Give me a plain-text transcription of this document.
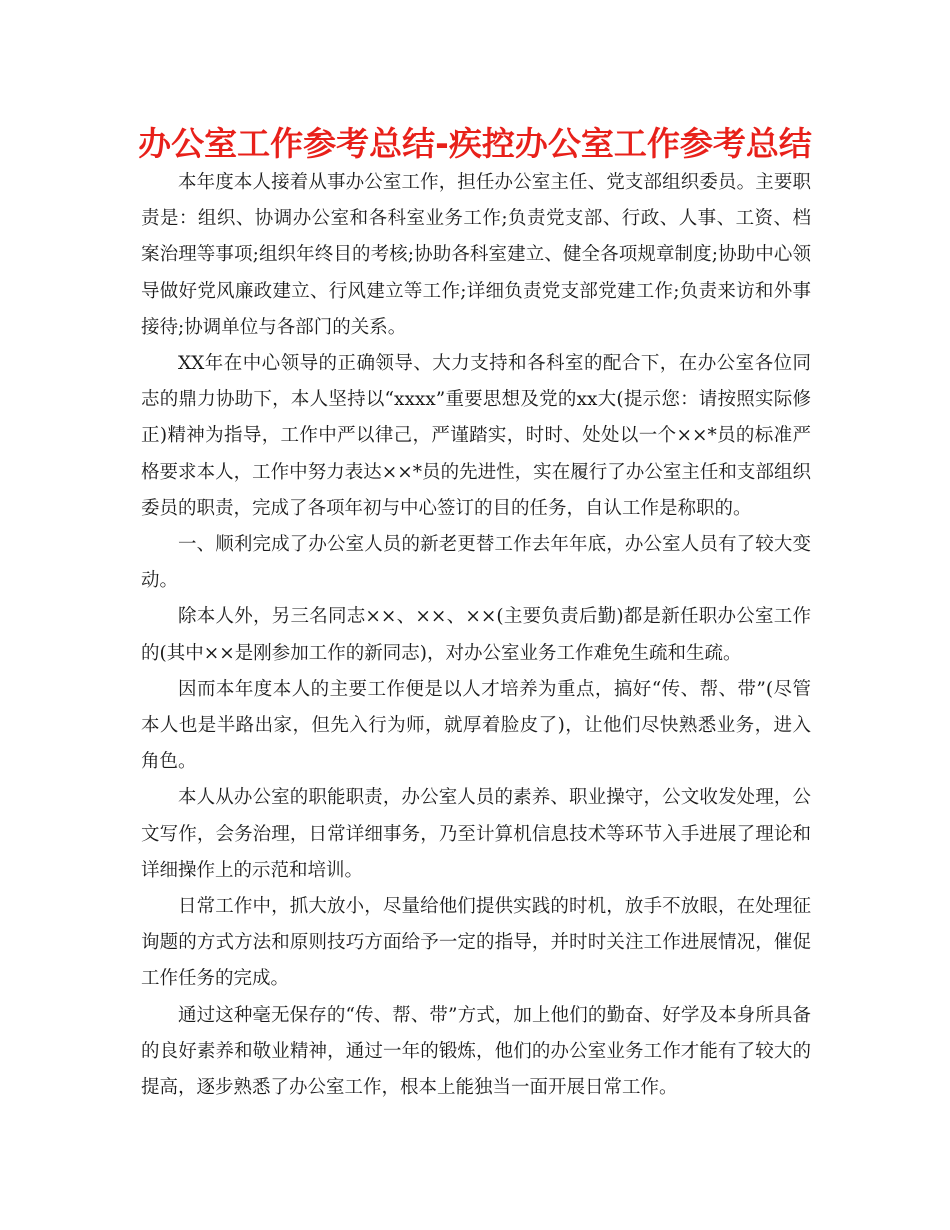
办公室工作参考总结-疾控办公室工作参考总结

本年度本人接着从事办公室工作，担任办公室主任、党支部组织委员。主要职责是：组织、协调办公室和各科室业务工作;负责党支部、行政、人事、工资、档案治理等事项;组织年终目的考核;协助各科室建立、健全各项规章制度;协助中心领导做好党风廉政建立、行风建立等工作;详细负责党支部党建工作;负责来访和外事接待;协调单位与各部门的关系。

XX年在中心领导的正确领导、大力支持和各科室的配合下，在办公室各位同志的鼎力协助下，本人坚持以“xxxx”重要思想及党的xx大(提示您：请按照实际修正)精神为指导，工作中严以律己，严谨踏实，时时、处处以一个××*员的标准严格要求本人，工作中努力表达××*员的先进性，实在履行了办公室主任和支部组织委员的职责，完成了各项年初与中心签订的目的任务，自认工作是称职的。

一、顺利完成了办公室人员的新老更替工作去年年底，办公室人员有了较大变动。

除本人外，另三名同志××、××、××(主要负责后勤)都是新任职办公室工作的(其中××是刚参加工作的新同志)，对办公室业务工作难免生疏和生疏。

因而本年度本人的主要工作便是以人才培养为重点，搞好“传、帮、带”(尽管本人也是半路出家，但先入行为师，就厚着脸皮了)，让他们尽快熟悉业务，进入角色。

本人从办公室的职能职责，办公室人员的素养、职业操守，公文收发处理，公文写作，会务治理，日常详细事务，乃至计算机信息技术等环节入手进展了理论和详细操作上的示范和培训。

日常工作中，抓大放小，尽量给他们提供实践的时机，放手不放眼，在处理征询题的方式方法和原则技巧方面给予一定的指导，并时时关注工作进展情况，催促工作任务的完成。

通过这种毫无保存的“传、帮、带”方式，加上他们的勤奋、好学及本身所具备的良好素养和敬业精神，通过一年的锻炼，他们的办公室业务工作才能有了较大的提高，逐步熟悉了办公室工作，根本上能独当一面开展日常工作。
